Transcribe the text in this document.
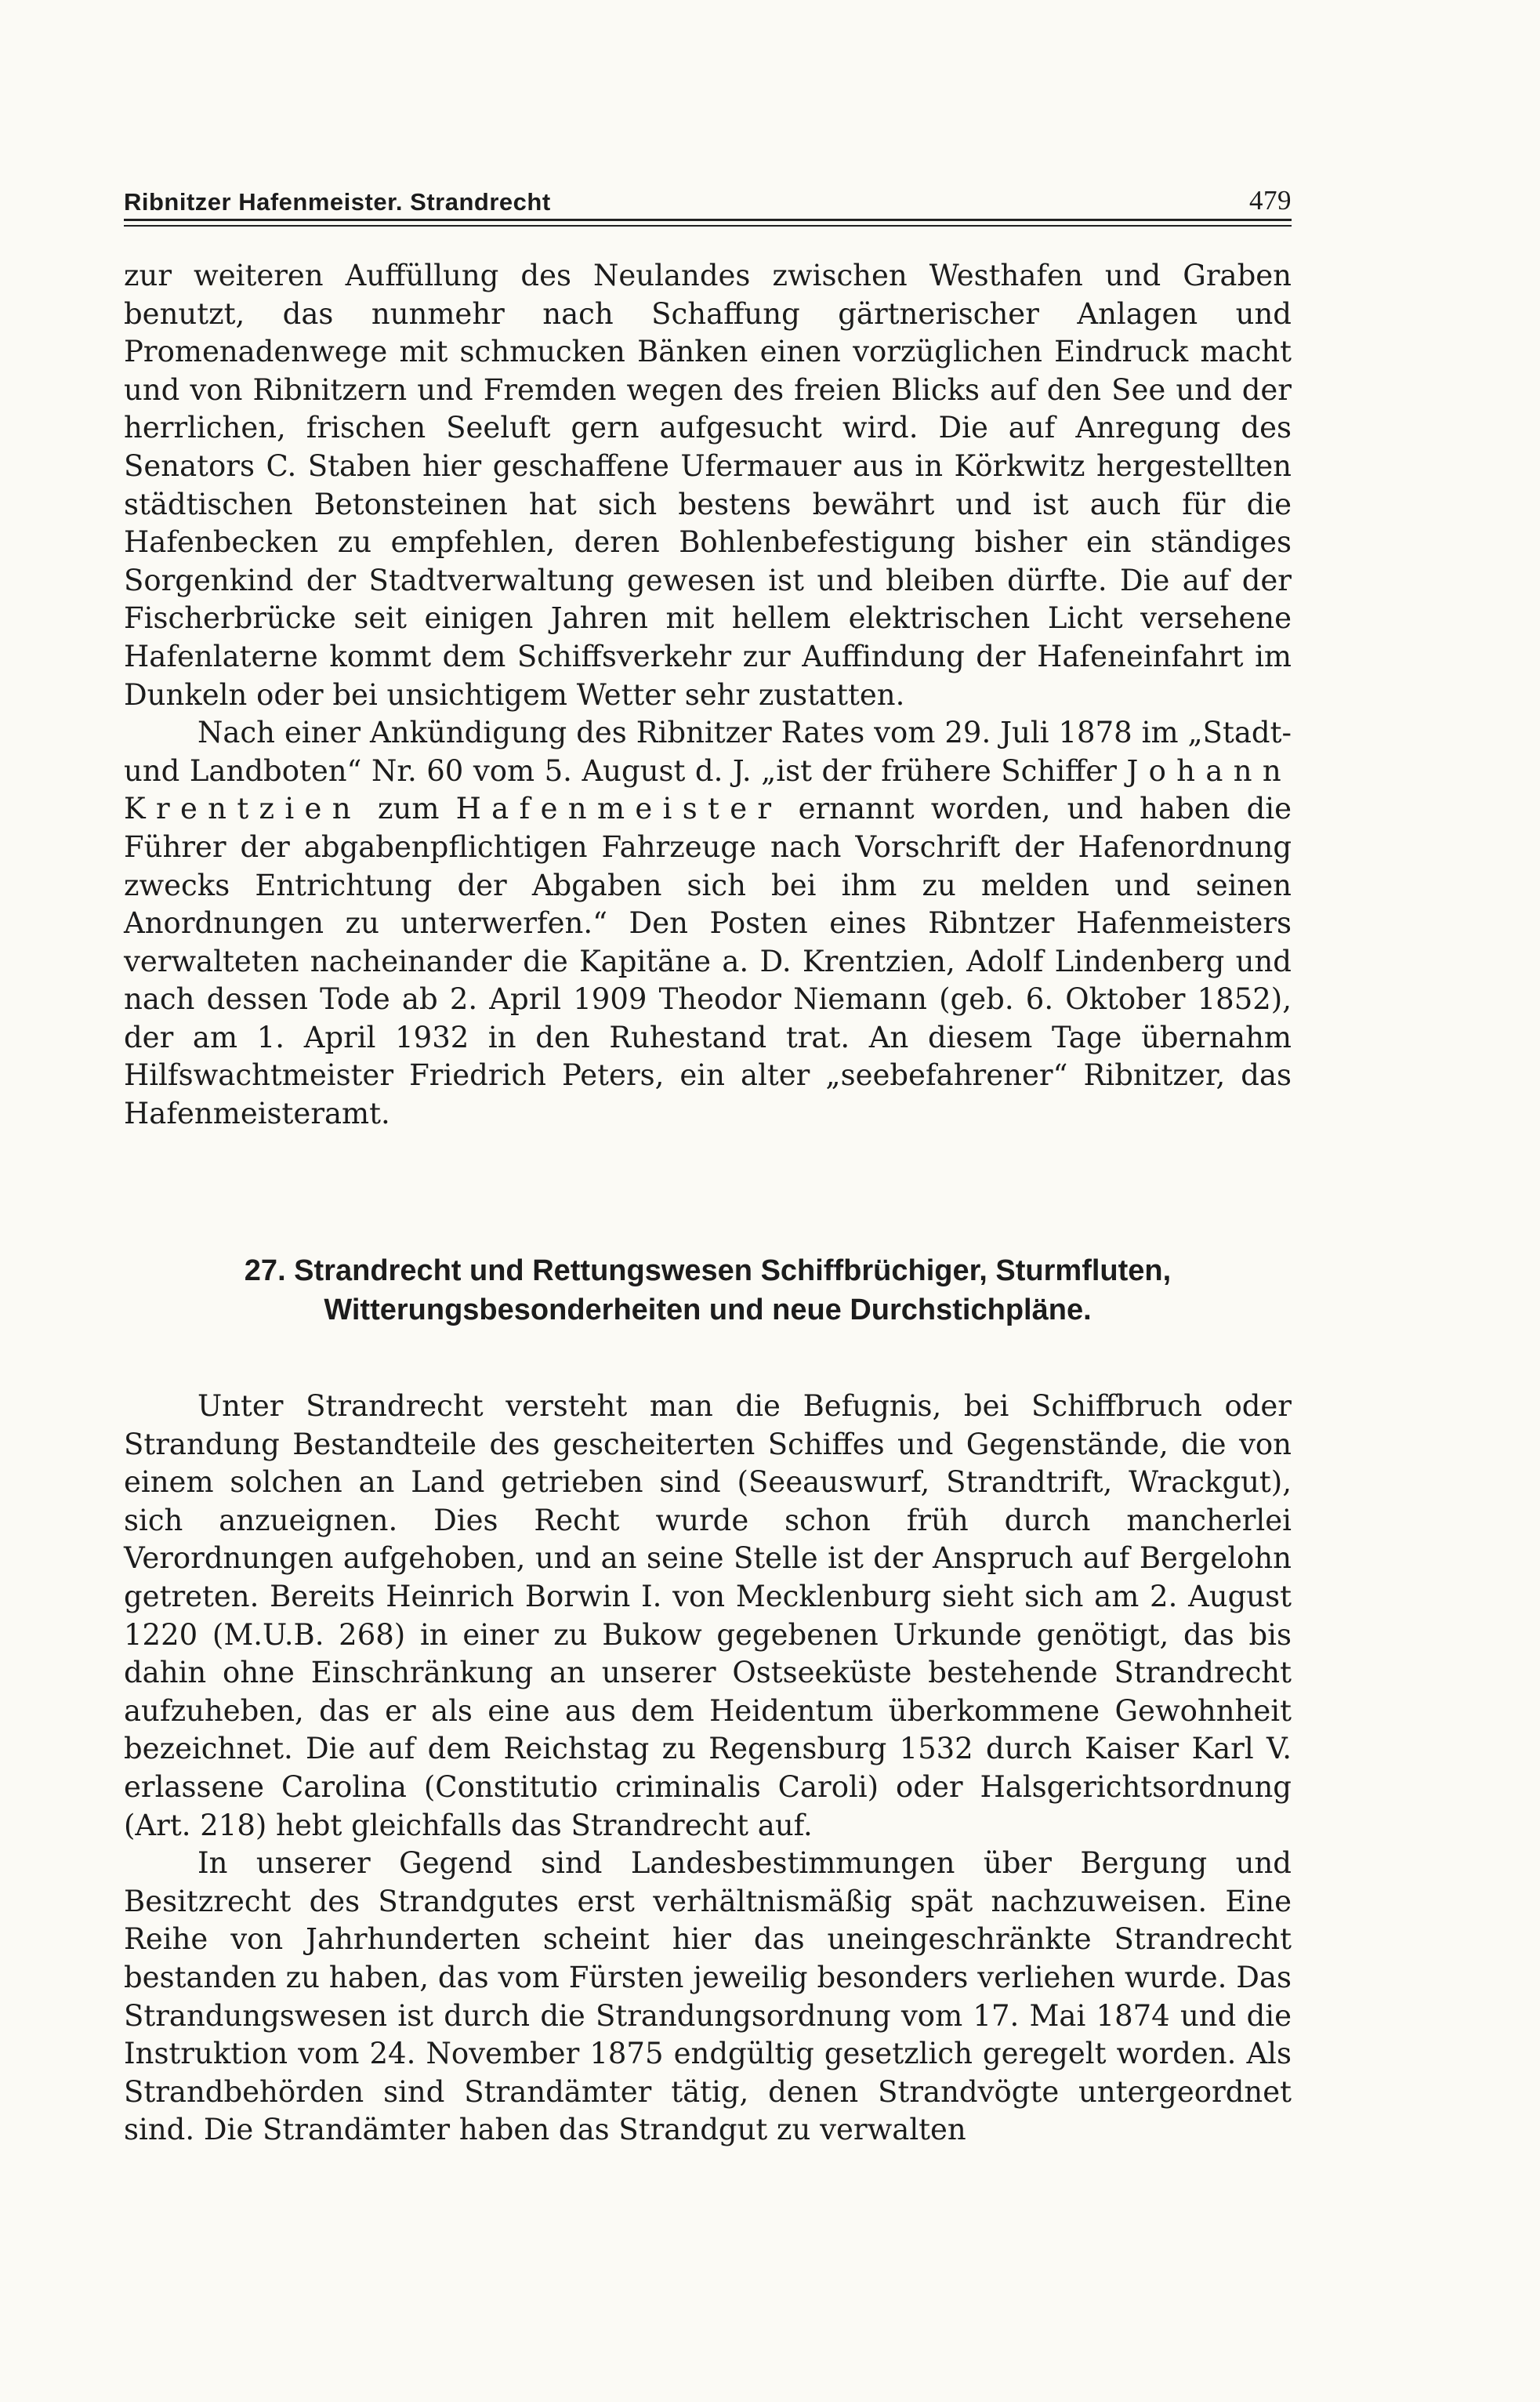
Ribnitzer Hafenmeister. Strandrecht	479

zur weiteren Auffüllung des Neulandes zwischen Westhafen und Graben benutzt, das nunmehr nach Schaffung gärtnerischer Anlagen und Promenadenwege mit schmucken Bänken einen vorzüglichen Eindruck macht und von Ribnitzern und Fremden wegen des freien Blicks auf den See und der herrlichen, frischen Seeluft gern aufgesucht wird. Die auf Anregung des Senators C. Staben hier geschaffene Ufermauer aus in Körkwitz hergestellten städtischen Betonsteinen hat sich bestens bewährt und ist auch für die Hafenbecken zu empfehlen, deren Bohlenbefestigung bisher ein ständiges Sorgenkind der Stadtverwaltung gewesen ist und bleiben dürfte. Die auf der Fischerbrücke seit einigen Jahren mit hellem elektrischen Licht versehene Hafenlaterne kommt dem Schiffsverkehr zur Auffindung der Hafeneinfahrt im Dunkeln oder bei unsichtigem Wetter sehr zustatten.

Nach einer Ankündigung des Ribnitzer Rates vom 29. Juli 1878 im „Stadt- und Landboten“ Nr. 60 vom 5. August d. J. „ist der frühere Schiffer Johann Krentzien zum Hafenmeister ernannt worden, und haben die Führer der abgabenpflichtigen Fahrzeuge nach Vorschrift der Hafenordnung zwecks Entrichtung der Abgaben sich bei ihm zu melden und seinen Anordnungen zu unterwerfen.“ Den Posten eines Ribntzer Hafenmeisters verwalteten nacheinander die Kapitäne a. D. Krentzien, Adolf Lindenberg und nach dessen Tode ab 2. April 1909 Theodor Niemann (geb. 6. Oktober 1852), der am 1. April 1932 in den Ruhestand trat. An diesem Tage übernahm Hilfswachtmeister Friedrich Peters, ein alter „seebefahrener“ Ribnitzer, das Hafenmeisteramt.

27. Strandrecht und Rettungswesen Schiffbrüchiger, Sturmfluten,
Witterungsbesonderheiten und neue Durchstichpläne.

Unter Strandrecht versteht man die Befugnis, bei Schiffbruch oder Strandung Bestandteile des gescheiterten Schiffes und Gegenstände, die von einem solchen an Land getrieben sind (Seeauswurf, Strandtrift, Wrackgut), sich anzueignen. Dies Recht wurde schon früh durch mancherlei Verordnungen aufgehoben, und an seine Stelle ist der Anspruch auf Bergelohn getreten. Bereits Heinrich Borwin I. von Mecklenburg sieht sich am 2. August 1220 (M.U.B. 268) in einer zu Bukow gegebenen Urkunde genötigt, das bis dahin ohne Einschränkung an unserer Ostseeküste bestehende Strandrecht aufzuheben, das er als eine aus dem Heidentum überkommene Gewohnheit bezeichnet. Die auf dem Reichstag zu Regensburg 1532 durch Kaiser Karl V. erlassene Carolina (Constitutio criminalis Caroli) oder Halsgerichtsordnung (Art. 218) hebt gleichfalls das Strandrecht auf.

In unserer Gegend sind Landesbestimmungen über Bergung und Besitzrecht des Strandgutes erst verhältnismäßig spät nachzuweisen. Eine Reihe von Jahrhunderten scheint hier das uneingeschränkte Strandrecht bestanden zu haben, das vom Fürsten jeweilig besonders verliehen wurde. Das Strandungswesen ist durch die Strandungsordnung vom 17. Mai 1874 und die Instruktion vom 24. November 1875 endgültig gesetzlich geregelt worden. Als Strandbehörden sind Strandämter tätig, denen Strandvögte untergeordnet sind. Die Strandämter haben das Strandgut zu verwalten
